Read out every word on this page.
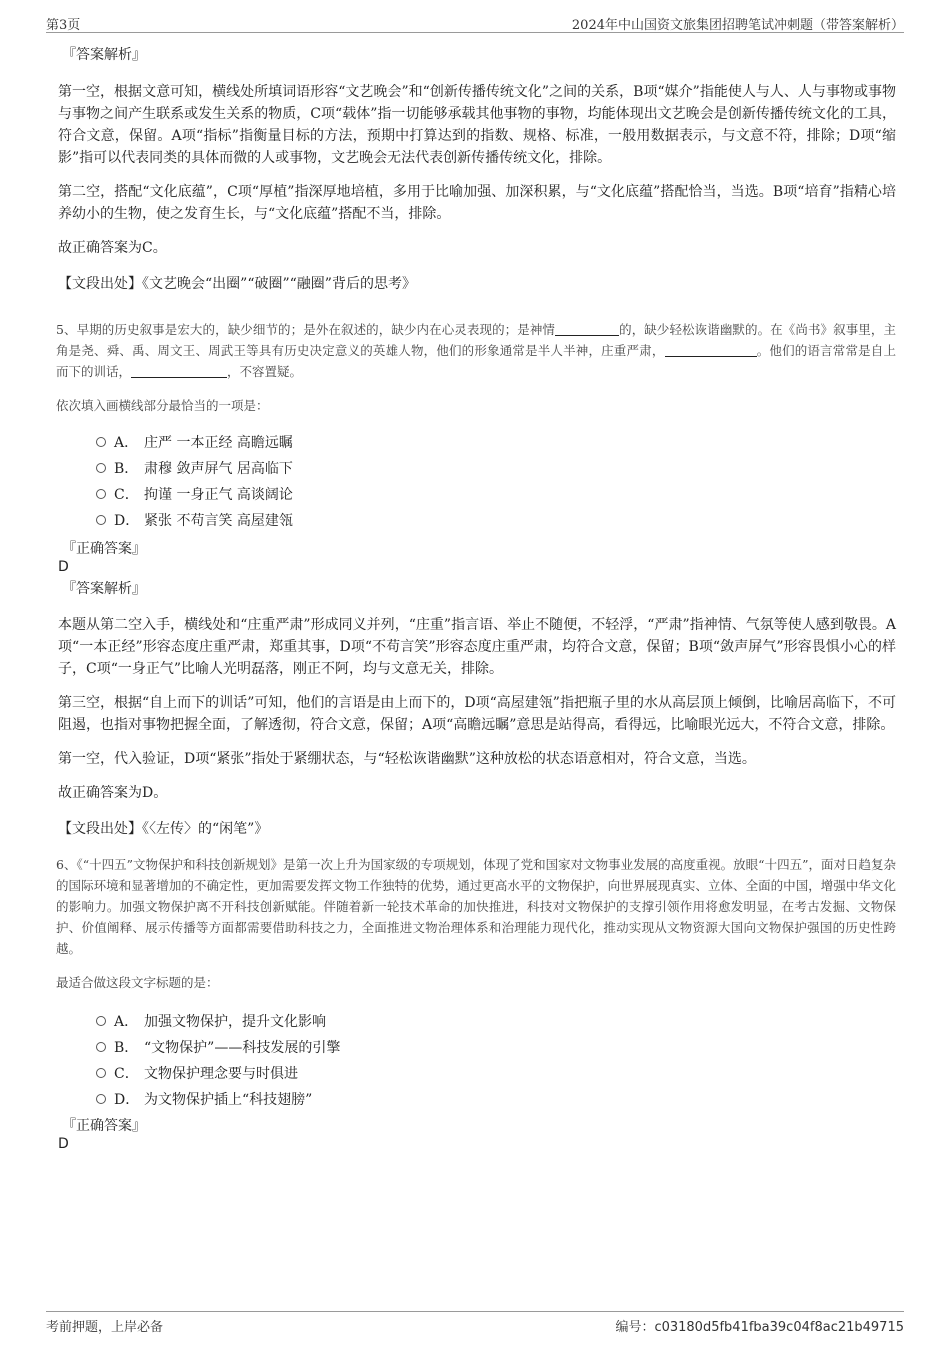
第3页	2024年中山国资文旅集团招聘笔试冲刺题（带答案解析）

『答案解析』

第一空，根据文意可知，横线处所填词语形容“文艺晚会”和“创新传播传统文化”之间的关系，B项“媒介”指能使人与人、人与事物或事物与事物之间产生联系或发生关系的物质，C项“载体”指一切能够承载其他事物的事物，均能体现出文艺晚会是创新传播传统文化的工具，符合文意，保留。A项“指标”指衡量目标的方法，预期中打算达到的指数、规格、标准，一般用数据表示，与文意不符，排除；D项“缩影”指可以代表同类的具体而微的人或事物，文艺晚会无法代表创新传播传统文化，排除。

第二空，搭配“文化底蕴”，C项“厚植”指深厚地培植，多用于比喻加强、加深积累，与“文化底蕴”搭配恰当，当选。B项“培育”指精心培养幼小的生物，使之发育生长，与“文化底蕴”搭配不当，排除。

故正确答案为C。

【文段出处】《文艺晚会“出圈”“破圈”“融圈”背后的思考》

5、早期的历史叙事是宏大的，缺少细节的；是外在叙述的，缺少内在心灵表现的；是神情	的，缺少轻松诙谐幽默的。在《尚书》叙事里，主角是尧、舜、禹、周文王、周武王等具有历史决定意义的英雄人物，他们的形象通常是半人半神，庄重严肃，	。他们的语言常常是自上而下的训话，	，不容置疑。

依次填入画横线部分最恰当的一项是：

A． 庄严 一本正经 高瞻远瞩
B． 肃穆 敛声屏气 居高临下
C． 拘谨 一身正气 高谈阔论
D． 紧张 不苟言笑 高屋建瓴

『正确答案』

D

『答案解析』

本题从第二空入手，横线处和“庄重严肃”形成同义并列，“庄重”指言语、举止不随便，不轻浮，“严肃”指神情、气氛等使人感到敬畏。A项“一本正经”形容态度庄重严肃，郑重其事，D项“不苟言笑”形容态度庄重严肃，均符合文意，保留；B项“敛声屏气”形容畏惧小心的样子，C项“一身正气”比喻人光明磊落，刚正不阿，均与文意无关，排除。

第三空，根据“自上而下的训话”可知，他们的言语是由上而下的，D项“高屋建瓴”指把瓶子里的水从高层顶上倾倒，比喻居高临下，不可阻遏，也指对事物把握全面，了解透彻，符合文意，保留；A项“高瞻远瞩”意思是站得高，看得远，比喻眼光远大，不符合文意，排除。

第一空，代入验证，D项“紧张”指处于紧绷状态，与“轻松诙谐幽默”这种放松的状态语意相对，符合文意，当选。

故正确答案为D。

【文段出处】《〈左传〉的“闲笔”》

6、《“十四五”文物保护和科技创新规划》是第一次上升为国家级的专项规划，体现了党和国家对文物事业发展的高度重视。放眼“十四五”，面对日趋复杂的国际环境和显著增加的不确定性，更加需要发挥文物工作独特的优势，通过更高水平的文物保护，向世界展现真实、立体、全面的中国，增强中华文化的影响力。加强文物保护离不开科技创新赋能。伴随着新一轮技术革命的加快推进，科技对文物保护的支撑引领作用将愈发明显，在考古发掘、文物保护、价值阐释、展示传播等方面都需要借助科技之力，全面推进文物治理体系和治理能力现代化，推动实现从文物资源大国向文物保护强国的历史性跨越。

最适合做这段文字标题的是：

A． 加强文物保护，提升文化影响
B． “文物保护”——科技发展的引擎
C． 文物保护理念要与时俱进
D． 为文物保护插上“科技翅膀”

『正确答案』

D

考前押题，上岸必备	编号：c03180d5fb41fba39c04f8ac21b49715
